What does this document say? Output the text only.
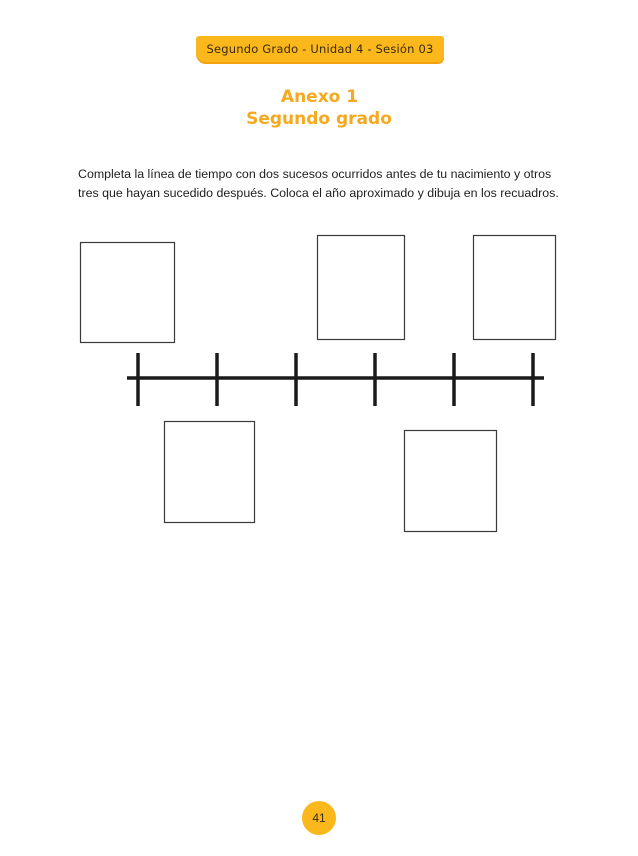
Segundo Grado - Unidad 4 - Sesión 03
Anexo 1
Segundo grado
Completa la línea de tiempo con dos sucesos ocurridos antes de tu nacimiento y otros tres que hayan sucedido después. Coloca el año aproximado y dibuja en los recuadros.
41
